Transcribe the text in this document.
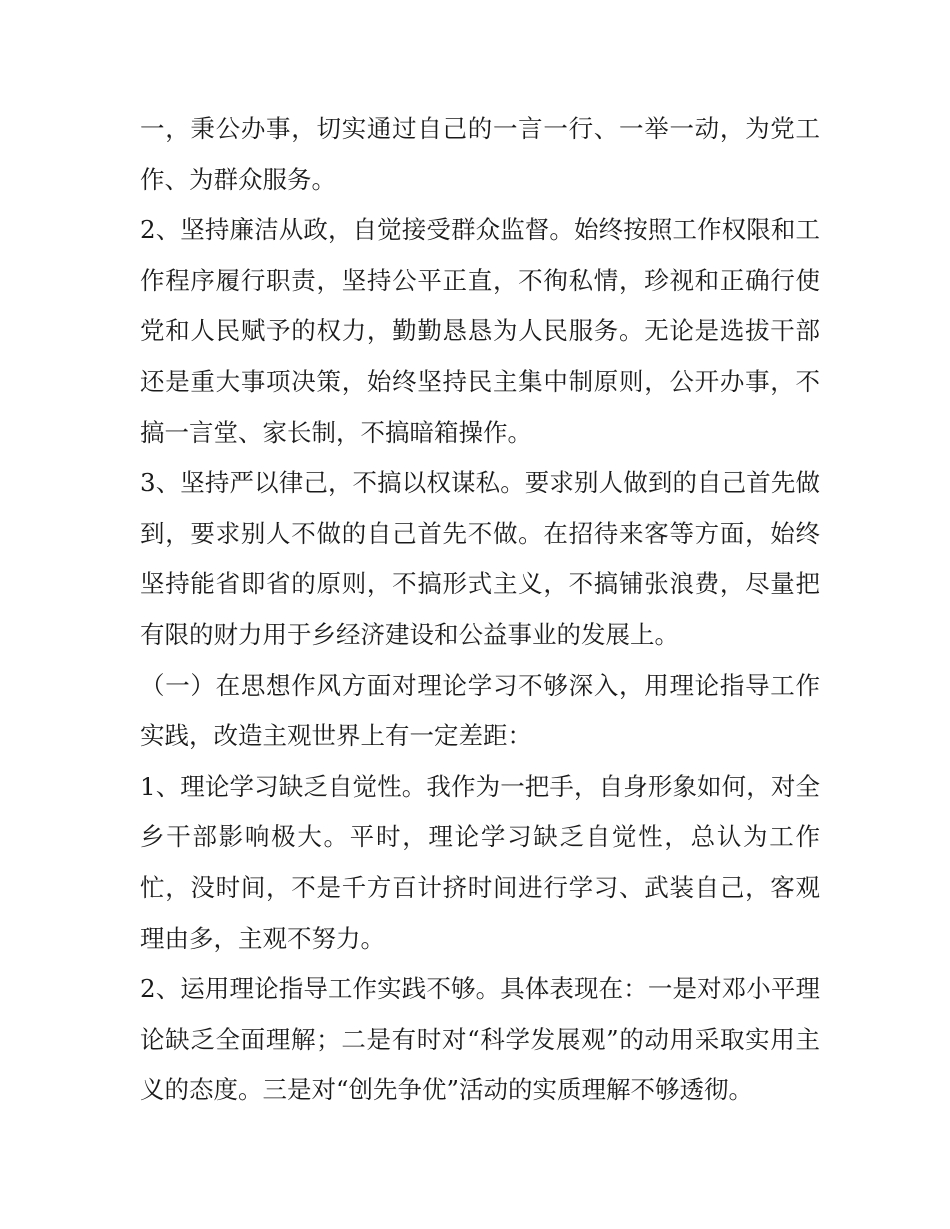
一，秉公办事，切实通过自己的一言一行、一举一动，为党工作、为群众服务。

2、坚持廉洁从政，自觉接受群众监督。始终按照工作权限和工作程序履行职责，坚持公平正直，不徇私情，珍视和正确行使党和人民赋予的权力，勤勤恳恳为人民服务。无论是选拔干部还是重大事项决策，始终坚持民主集中制原则，公开办事，不搞一言堂、家长制，不搞暗箱操作。

3、坚持严以律己，不搞以权谋私。要求别人做到的自己首先做到，要求别人不做的自己首先不做。在招待来客等方面，始终坚持能省即省的原则，不搞形式主义，不搞铺张浪费，尽量把有限的财力用于乡经济建设和公益事业的发展上。

（一）在思想作风方面对理论学习不够深入，用理论指导工作实践，改造主观世界上有一定差距：

1、理论学习缺乏自觉性。我作为一把手，自身形象如何，对全乡干部影响极大。平时，理论学习缺乏自觉性，总认为工作忙，没时间，不是千方百计挤时间进行学习、武装自己，客观理由多，主观不努力。

2、运用理论指导工作实践不够。具体表现在：一是对邓小平理论缺乏全面理解；二是有时对“科学发展观”的动用采取实用主义的态度。三是对“创先争优”活动的实质理解不够透彻。
